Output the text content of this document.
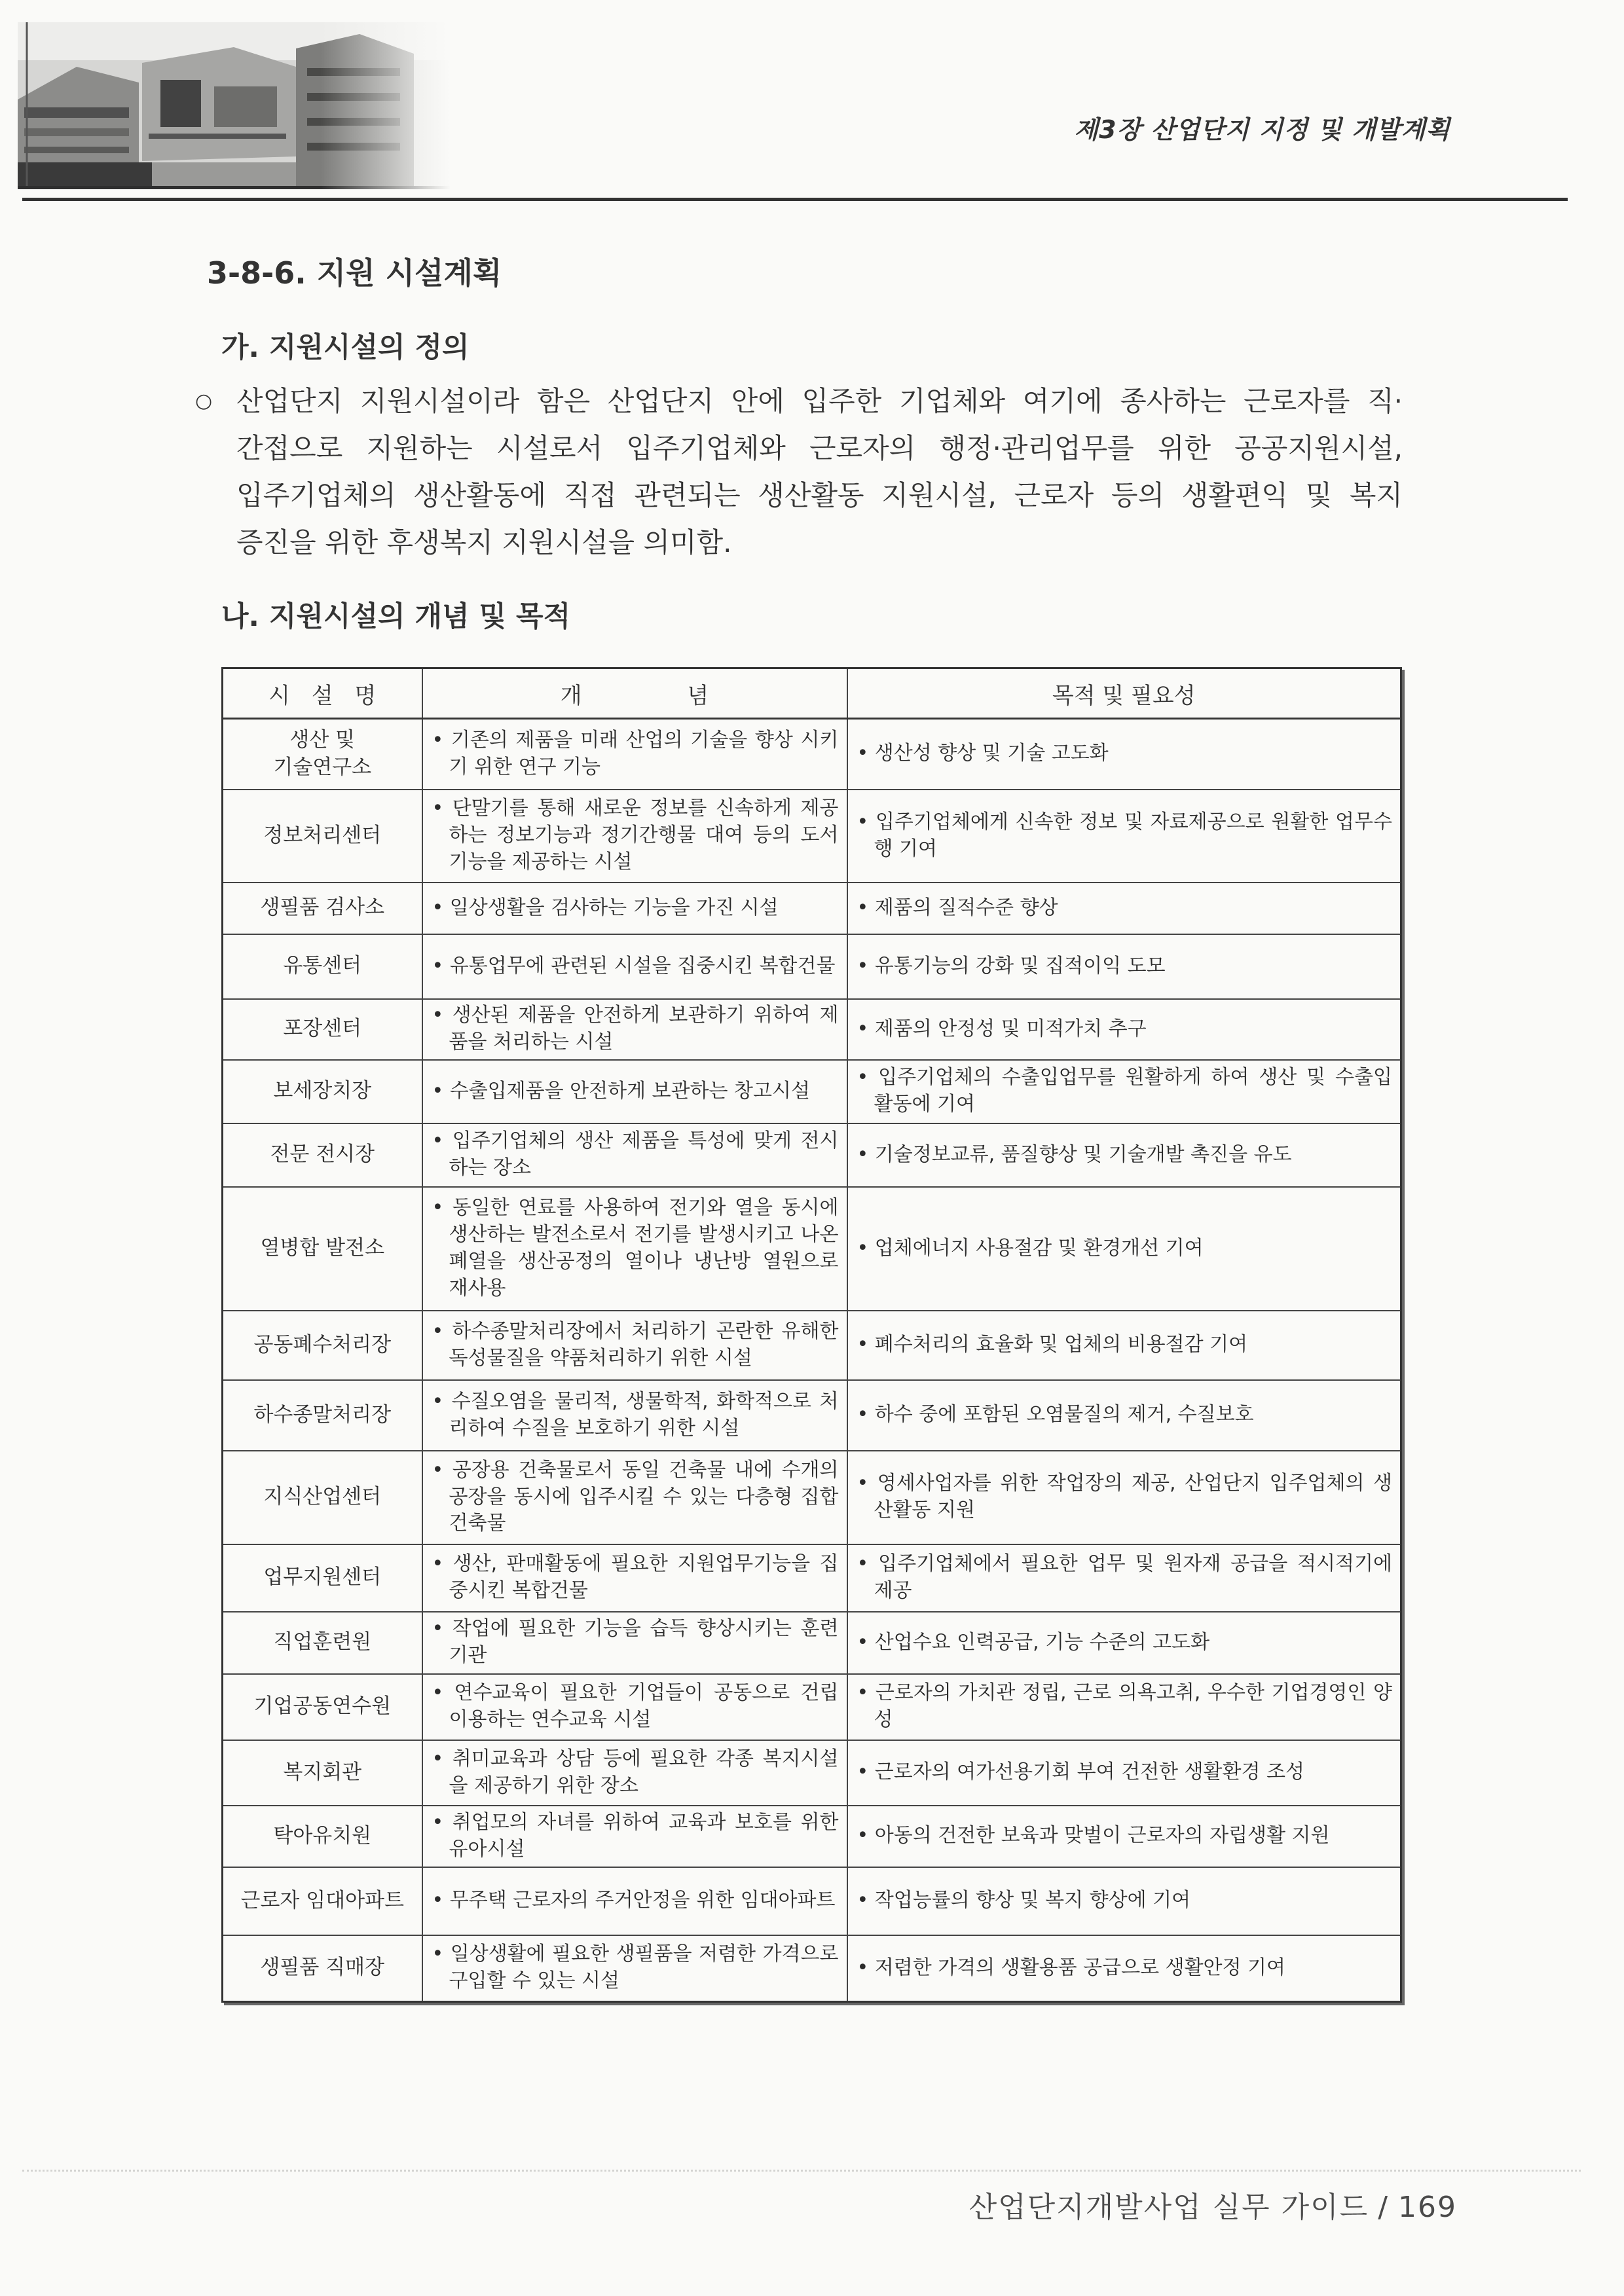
제3장 산업단지 지정 및 개발계획
3-8-6. 지원 시설계획
가. 지원시설의 정의
○ 산업단지 지원시설이라 함은 산업단지 안에 입주한 기업체와 여기에 종사하는 근로자를 직·
간접으로 지원하는 시설로서 입주기업체와 근로자의 행정·관리업무를 위한 공공지원시설,
입주기업체의 생산활동에 직접 관련되는 생산활동 지원시설, 근로자 등의 생활편익 및 복지
증진을 위한 후생복지 지원시설을 의미함.
나. 지원시설의 개념 및 목적
시 설 명	개 념	목적 및 필요성
생산 및
기술연구소	• 기존의 제품을 미래 산업의 기술을 향상 시키기 위한 연구 기능	• 생산성 향상 및 기술 고도화
정보처리센터	• 단말기를 통해 새로운 정보를 신속하게 제공하는 정보기능과 정기간행물 대여 등의 도서기능을 제공하는 시설	• 입주기업체에게 신속한 정보 및 자료제공으로 원활한 업무수행 기여
생필품 검사소	• 일상생활을 검사하는 기능을 가진 시설	• 제품의 질적수준 향상
유통센터	• 유통업무에 관련된 시설을 집중시킨 복합건물	• 유통기능의 강화 및 집적이익 도모
포장센터	• 생산된 제품을 안전하게 보관하기 위하여 제품을 처리하는 시설	• 제품의 안정성 및 미적가치 추구
보세장치장	• 수출입제품을 안전하게 보관하는 창고시설	• 입주기업체의 수출입업무를 원활하게 하여 생산 및 수출입 활동에 기여
전문 전시장	• 입주기업체의 생산 제품을 특성에 맞게 전시하는 장소	• 기술정보교류, 품질향상 및 기술개발 촉진을 유도
열병합 발전소	• 동일한 연료를 사용하여 전기와 열을 동시에 생산하는 발전소로서 전기를 발생시키고 나온 폐열을 생산공정의 열이나 냉난방 열원으로 재사용	• 업체에너지 사용절감 및 환경개선 기여
공동폐수처리장	• 하수종말처리장에서 처리하기 곤란한 유해한 독성물질을 약품처리하기 위한 시설	• 폐수처리의 효율화 및 업체의 비용절감 기여
하수종말처리장	• 수질오염을 물리적, 생물학적, 화학적으로 처리하여 수질을 보호하기 위한 시설	• 하수 중에 포함된 오염물질의 제거, 수질보호
지식산업센터	• 공장용 건축물로서 동일 건축물 내에 수개의 공장을 동시에 입주시킬 수 있는 다층형 집합 건축물	• 영세사업자를 위한 작업장의 제공, 산업단지 입주업체의 생산활동 지원
업무지원센터	• 생산, 판매활동에 필요한 지원업무기능을 집중시킨 복합건물	• 입주기업체에서 필요한 업무 및 원자재 공급을 적시적기에 제공
직업훈련원	• 작업에 필요한 기능을 습득 향상시키는 훈련기관	• 산업수요 인력공급, 기능 수준의 고도화
기업공동연수원	• 연수교육이 필요한 기업들이 공동으로 건립 이용하는 연수교육 시설	• 근로자의 가치관 정립, 근로 의욕고취, 우수한 기업경영인 양성
복지회관	• 취미교육과 상담 등에 필요한 각종 복지시설을 제공하기 위한 장소	• 근로자의 여가선용기회 부여 건전한 생활환경 조성
탁아유치원	• 취업모의 자녀를 위하여 교육과 보호를 위한 유아시설	• 아동의 건전한 보육과 맞벌이 근로자의 자립생활 지원
근로자 임대아파트	• 무주택 근로자의 주거안정을 위한 임대아파트	• 작업능률의 향상 및 복지 향상에 기여
생필품 직매장	• 일상생활에 필요한 생필품을 저렴한 가격으로 구입할 수 있는 시설	• 저렴한 가격의 생활용품 공급으로 생활안정 기여
산업단지개발사업 실무 가이드 / 169
